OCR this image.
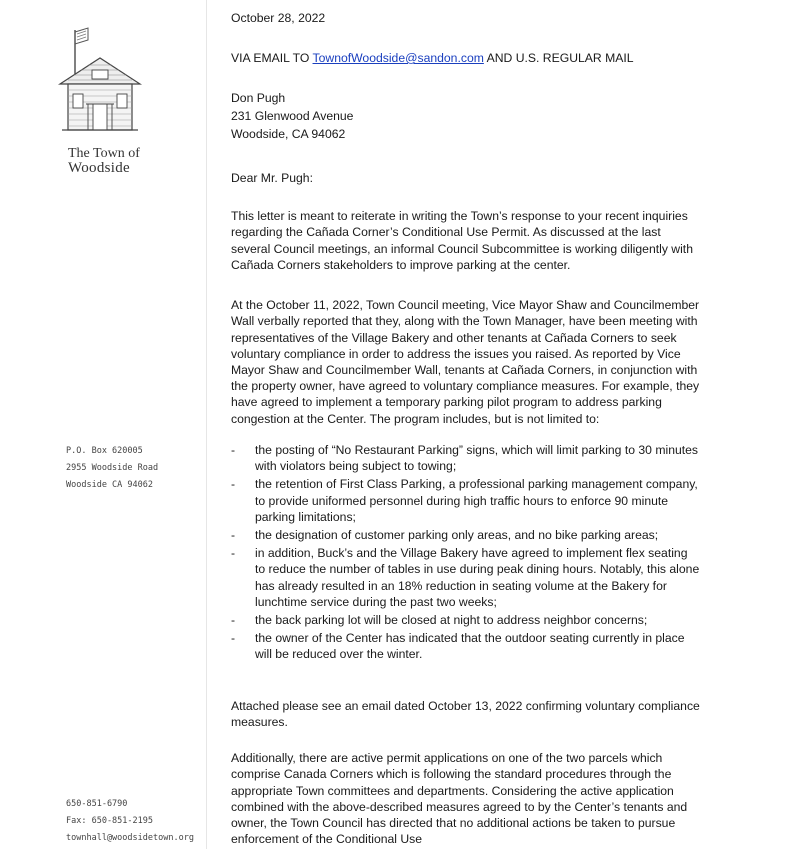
The Town of
Woodside
P.O. Box 620005
2955 Woodside Road
Woodside CA 94062
650-851-6790
Fax: 650-851-2195
townhall@woodsidetown.org
October 28, 2022
VIA EMAIL TO TownofWoodside@sandon.com AND U.S. REGULAR MAIL
Don Pugh
231 Glenwood Avenue
Woodside, CA 94062
Dear Mr. Pugh:

This letter is meant to reiterate in writing the Town’s response to your recent inquiries regarding the Cañada Corner’s Conditional Use Permit. As discussed at the last several Council meetings, an informal Council Subcommittee is working diligently with Cañada Corners stakeholders to improve parking at the center.

At the October 11, 2022, Town Council meeting, Vice Mayor Shaw and Councilmember Wall verbally reported that they, along with the Town Manager, have been meeting with representatives of the Village Bakery and other tenants at Cañada Corners to seek voluntary compliance in order to address the issues you raised. As reported by Vice Mayor Shaw and Councilmember Wall, tenants at Cañada Corners, in conjunction with the property owner, have agreed to voluntary compliance measures. For example, they have agreed to implement a temporary parking pilot program to address parking congestion at the Center. The program includes, but is not limited to:

- the posting of “No Restaurant Parking” signs, which will limit parking to 30 minutes with violators being subject to towing;
- the retention of First Class Parking, a professional parking management company, to provide uniformed personnel during high traffic hours to enforce 90 minute parking limitations;
- the designation of customer parking only areas, and no bike parking areas;
- in addition, Buck’s and the Village Bakery have agreed to implement flex seating to reduce the number of tables in use during peak dining hours. Notably, this alone has already resulted in an 18% reduction in seating volume at the Bakery for lunchtime service during the past two weeks;
- the back parking lot will be closed at night to address neighbor concerns;
- the owner of the Center has indicated that the outdoor seating currently in place will be reduced over the winter.

Attached please see an email dated October 13, 2022 confirming voluntary compliance measures.

Additionally, there are active permit applications on one of the two parcels which comprise Canada Corners which is following the standard procedures through the appropriate Town committees and departments. Considering the active application combined with the above-described measures agreed to by the Center’s tenants and owner, the Town Council has directed that no additional actions be taken to pursue enforcement of the Conditional Use
